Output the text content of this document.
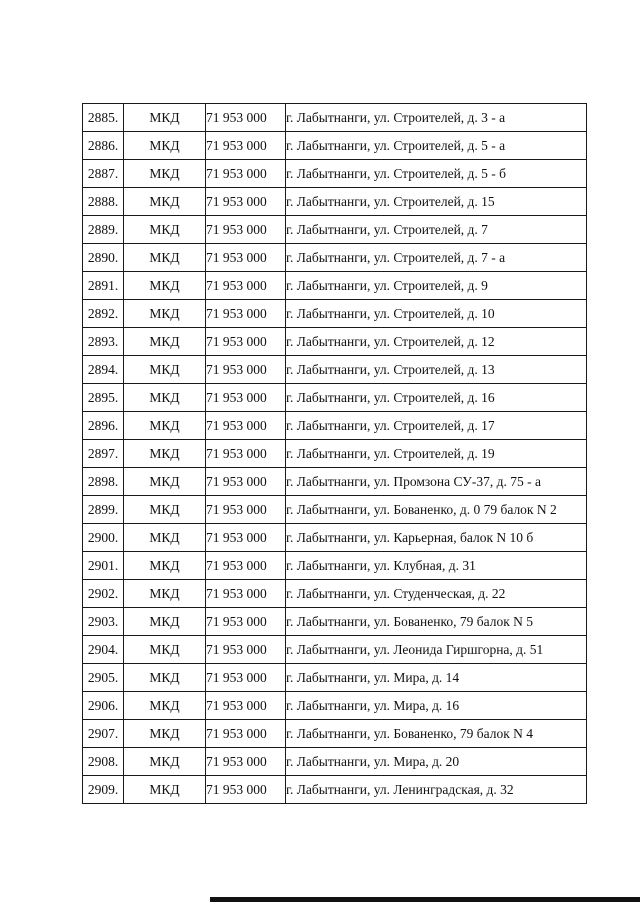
2885.	МКД	71 953 000	г. Лабытнанги, ул. Строителей, д. 3 - а
2886.	МКД	71 953 000	г. Лабытнанги, ул. Строителей, д. 5 - а
2887.	МКД	71 953 000	г. Лабытнанги, ул. Строителей, д. 5 - б
2888.	МКД	71 953 000	г. Лабытнанги, ул. Строителей, д. 15
2889.	МКД	71 953 000	г. Лабытнанги, ул. Строителей, д. 7
2890.	МКД	71 953 000	г. Лабытнанги, ул. Строителей, д. 7 - а
2891.	МКД	71 953 000	г. Лабытнанги, ул. Строителей, д. 9
2892.	МКД	71 953 000	г. Лабытнанги, ул. Строителей, д. 10
2893.	МКД	71 953 000	г. Лабытнанги, ул. Строителей, д. 12
2894.	МКД	71 953 000	г. Лабытнанги, ул. Строителей, д. 13
2895.	МКД	71 953 000	г. Лабытнанги, ул. Строителей, д. 16
2896.	МКД	71 953 000	г. Лабытнанги, ул. Строителей, д. 17
2897.	МКД	71 953 000	г. Лабытнанги, ул. Строителей, д. 19
2898.	МКД	71 953 000	г. Лабытнанги, ул. Промзона СУ-37, д. 75 - а
2899.	МКД	71 953 000	г. Лабытнанги, ул. Бованенко, д. 0 79 балок N 2
2900.	МКД	71 953 000	г. Лабытнанги, ул. Карьерная, балок N 10 б
2901.	МКД	71 953 000	г. Лабытнанги, ул. Клубная, д. 31
2902.	МКД	71 953 000	г. Лабытнанги, ул. Студенческая, д. 22
2903.	МКД	71 953 000	г. Лабытнанги, ул. Бованенко, 79 балок N 5
2904.	МКД	71 953 000	г. Лабытнанги, ул. Леонида Гиршгорна, д. 51
2905.	МКД	71 953 000	г. Лабытнанги, ул. Мира, д. 14
2906.	МКД	71 953 000	г. Лабытнанги, ул. Мира, д. 16
2907.	МКД	71 953 000	г. Лабытнанги, ул. Бованенко, 79 балок N 4
2908.	МКД	71 953 000	г. Лабытнанги, ул. Мира, д. 20
2909.	МКД	71 953 000	г. Лабытнанги, ул. Ленинградская, д. 32
